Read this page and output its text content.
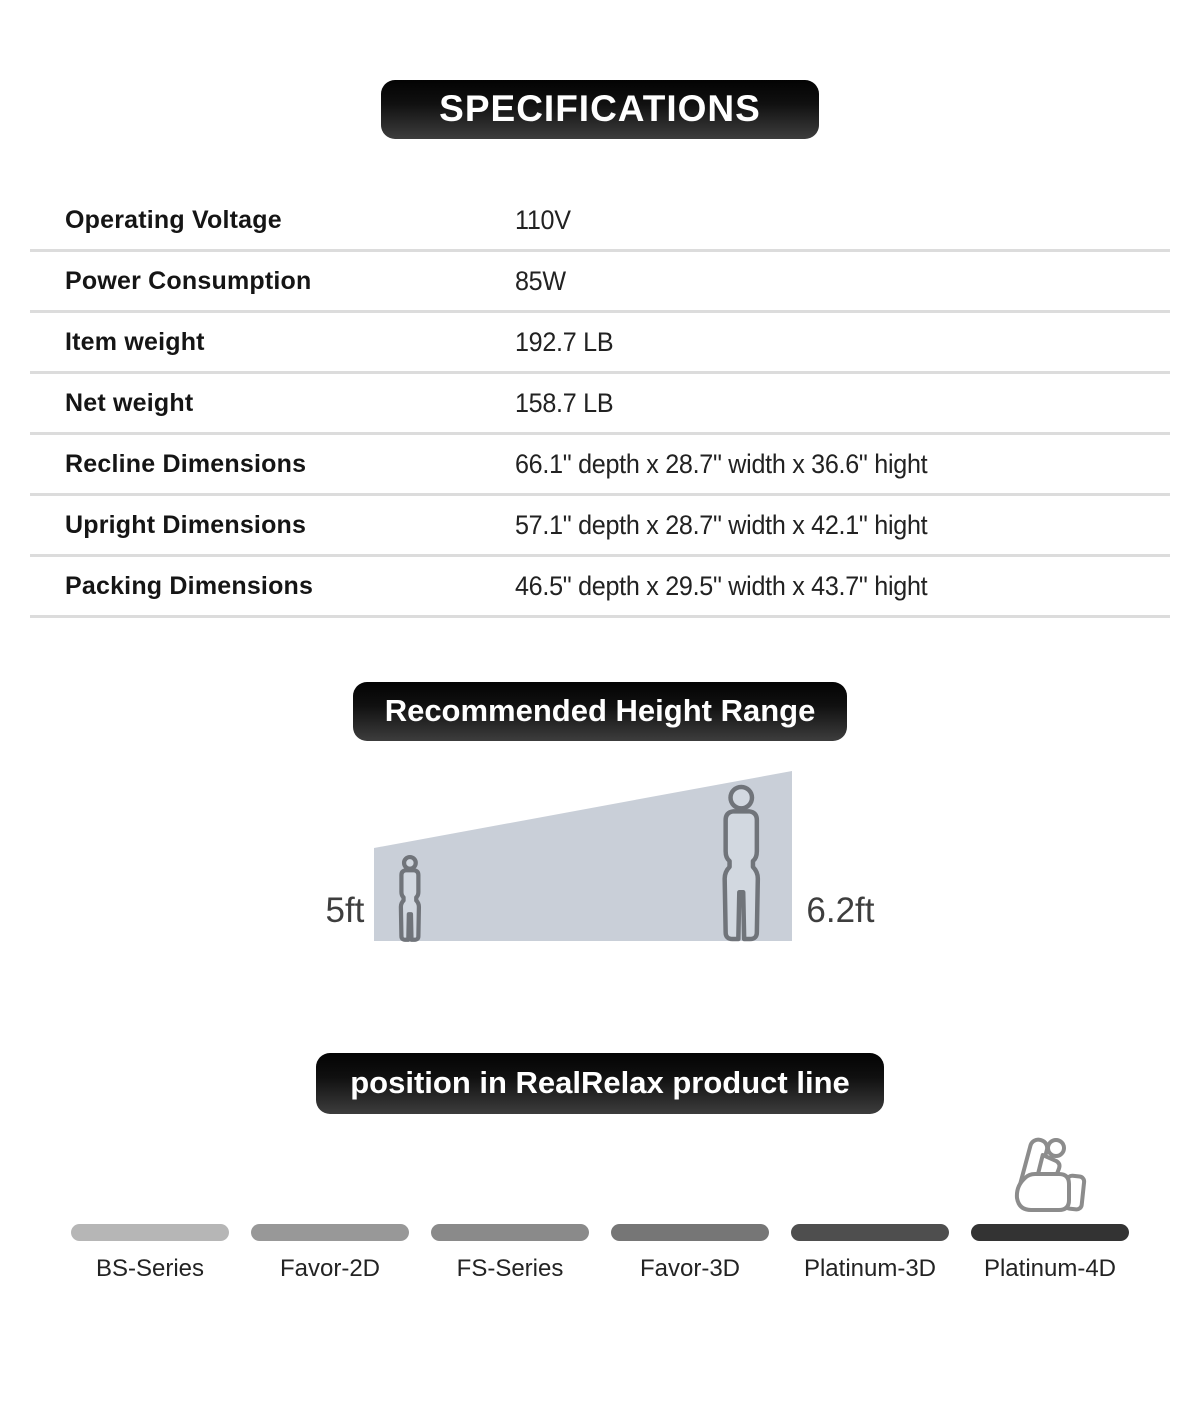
SPECIFICATIONS
Operating Voltage	110V
Power Consumption	85W
Item weight	192.7 LB
Net weight	158.7 LB
Recline Dimensions	66.1" depth x 28.7" width x 36.6" hight
Upright Dimensions	57.1" depth x 28.7" width x 42.1" hight
Packing Dimensions	46.5" depth x 29.5" width x 43.7" hight
Recommended Height Range
5ft	6.2ft
position in RealRelax product line
BS-Series	Favor-2D	FS-Series	Favor-3D	Platinum-3D Platinum-4D
